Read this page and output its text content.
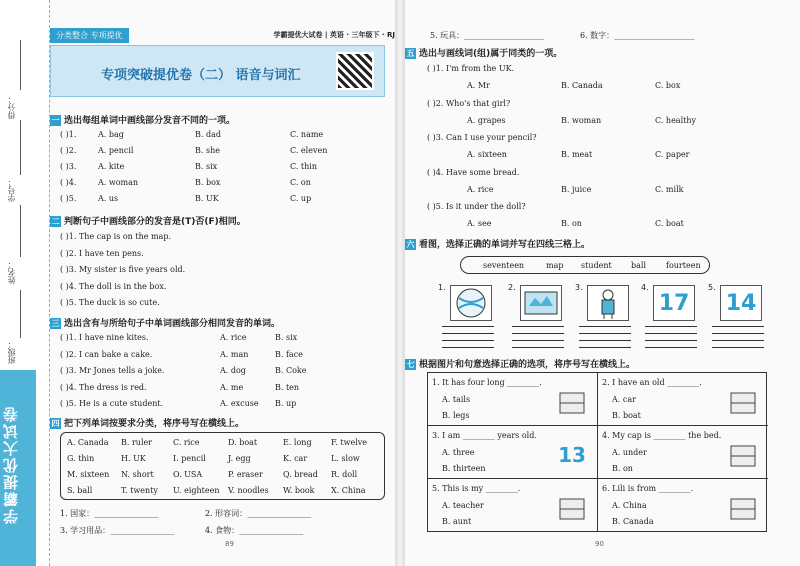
得分：
学号：
姓名：
班级：
学霸提优大试卷
分类整合 专项提优	学霸提优大试卷 | 英语 · 三年级下 · RJ
专项突破提优卷（二） 语音与词汇
一 选出每组单词中画线部分发音不同的一项。
( )1.	A. bag	B. dad	C. name
( )2.	A. pencil	B. she	C. eleven
( )3.	A. kite	B. six	C. thin
( )4.	A. woman	B. box	C. on
( )5.	A. us	B. UK	C. up
二 判断句子中画线部分的发音是(T)否(F)相同。
( )1. The cap is on the map.
( )2. I have ten pens.
( )3. My sister is five years old.
( )4. The doll is in the box.
( )5. The duck is so cute.
三 选出含有与所给句子中单词画线部分相同发音的单词。
( )1. I have nine kites.	A. rice	B. six
( )2. I can bake a cake.	A. man	B. face
( )3. Mr Jones tells a joke.	A. dog	B. Coke
( )4. The dress is red.	A. me	B. ten
( )5. He is a cute student.	A. excuse B. up
四 把下列单词按要求分类，将序号写在横线上。
A. Canada B. ruler	C. rice	D. boat	E. long F. twelve
G. thin	H. UK	I. pencil	J. egg	K. car	L. slow
M. sixteen N. short O. USA	P. eraser	Q. bread R. doll
S. ball	T. twenty U. eighteen V. noodles W. book X. China
1. 国家：________________	2. 形容词：________________
3. 学习用品：________________	4. 食物：________________
89
5. 玩具：____________________	6. 数字：____________________
五 选出与画线词(组)属于同类的一项。
( )1. I'm from the UK.
A. Mr	B. Canada	C. box
( )2. Who's that girl?
A. grapes	B. woman	C. healthy
( )3. Can I use your pencil?
A. sixteen	B. meat	C. paper
( )4. Have some bread.
A. rice	B. juice	C. milk
( )5. Is it under the doll?
A. see	B. on	C. boat
六 看图，选择正确的单词并写在四线三格上。
seventeen	map student ball fourteen
1.	2.	3.	4.
17
5.
14
七 根据图片和句意选择正确的选项，将序号写在横线上。
1. It has four long ________.
A. tails
B. legs
2. I have an old ________.
A. car
B. boat
3. I am ________ years old.
A. three
B. thirteen
13
4. My cap is ________ the bed.
A. under
B. on
5. This is my ________.
A. teacher
B. aunt
6. Lili is from ________.
A. China
B. Canada
90
